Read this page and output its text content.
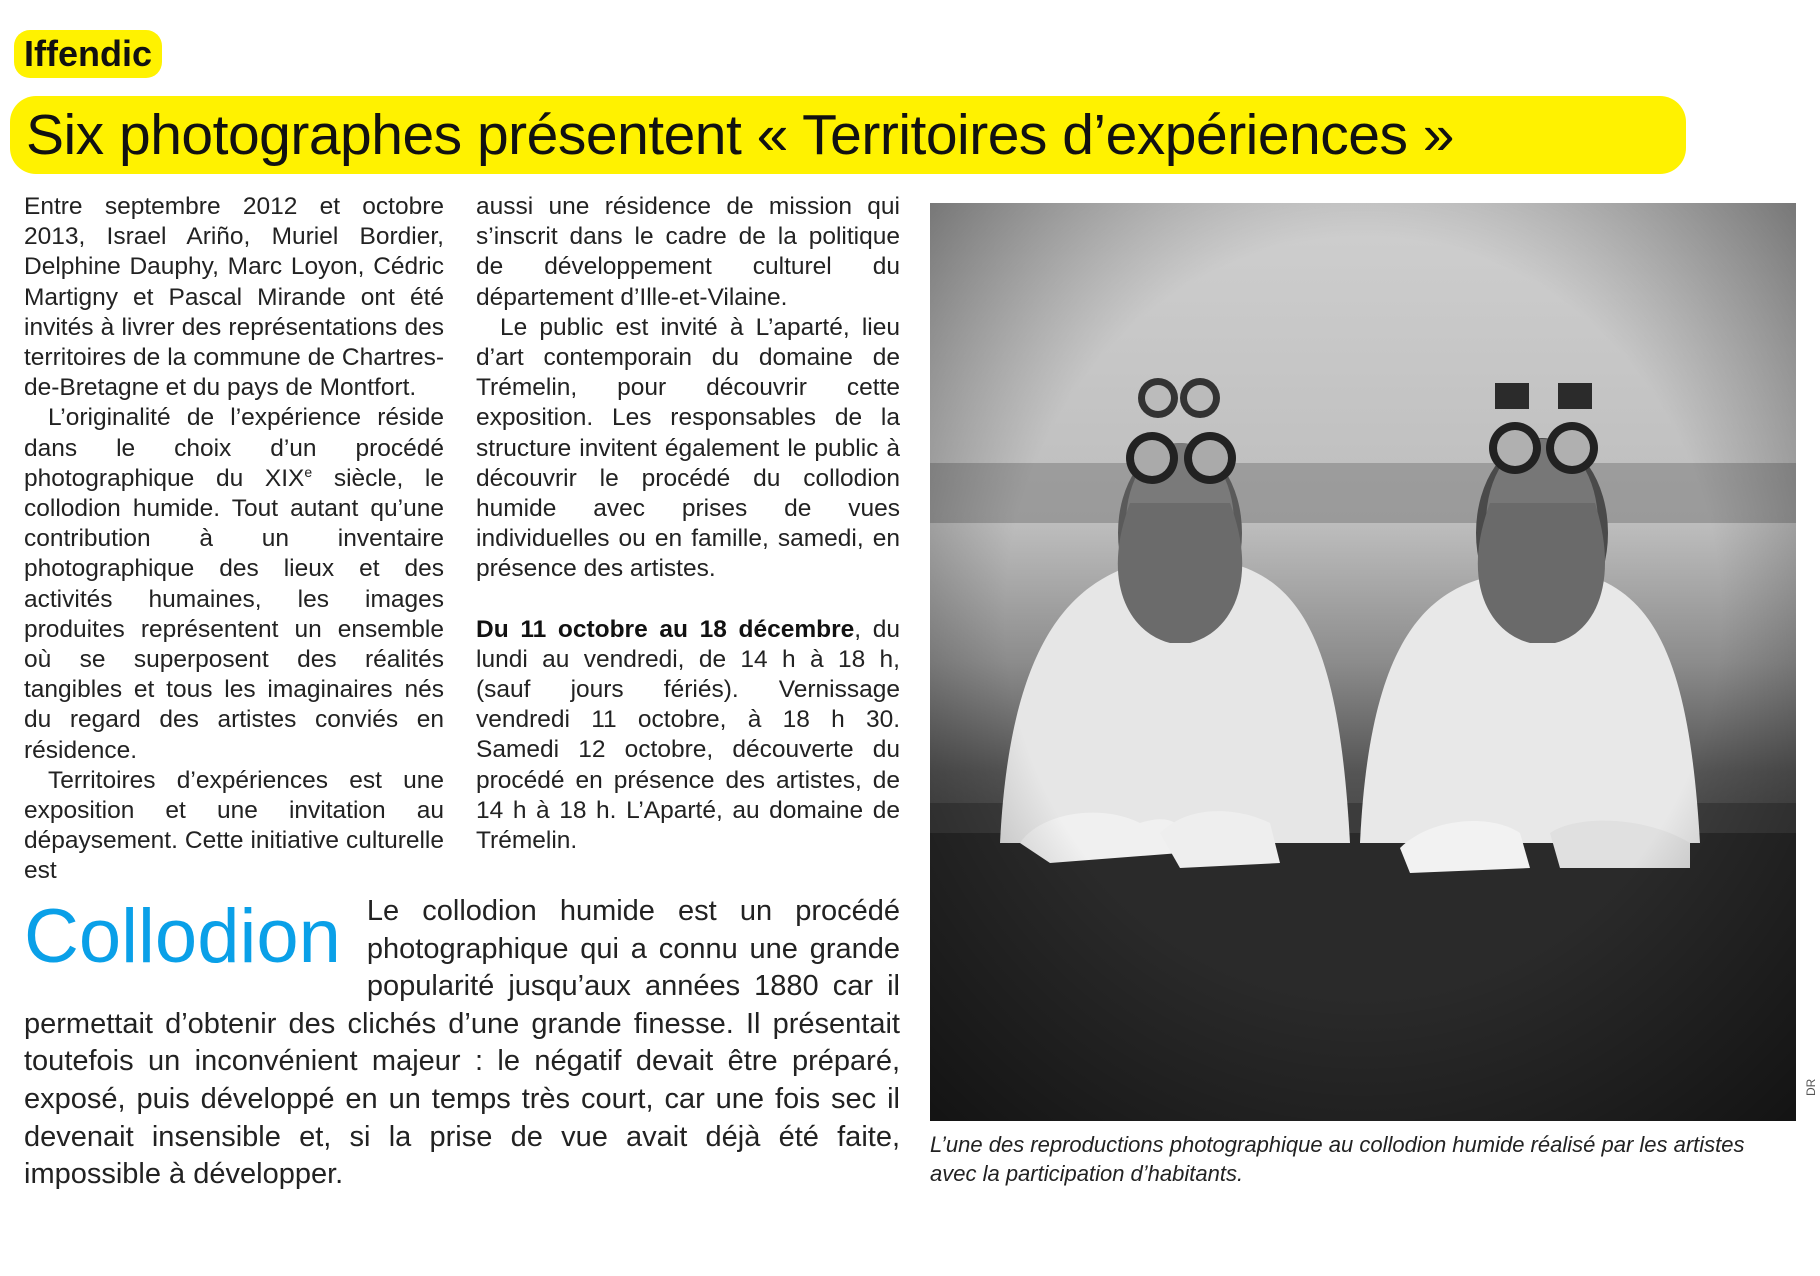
Iffendic
Six photographes présentent « Territoires d’expériences »

Entre septembre 2012 et octobre 2013, Israel Ariño, Muriel Bordier, Delphine Dauphy, Marc Loyon, Cédric Martigny et Pascal Mirande ont été invités à livrer des représentations des territoires de la commune de Chartres-de-Bretagne et du pays de Montfort.

L’originalité de l’expérience réside dans le choix d’un procédé photographique du XIXe siècle, le collodion humide. Tout autant qu’une contribution à un inventaire photographique des lieux et des activités humaines, les images produites représentent un ensemble où se superposent des réalités tangibles et tous les imaginaires nés du regard des artistes conviés en résidence.

Territoires d’expériences est une exposition et une invitation au dépaysement. Cette initiative culturelle est

aussi une résidence de mission qui s’inscrit dans le cadre de la politique de développement culturel du département d’Ille-et-Vilaine.

Le public est invité à L’aparté, lieu d’art contemporain du domaine de Trémelin, pour découvrir cette exposition. Les responsables de la structure invitent également le public à découvrir le procédé du collodion humide avec prises de vues individuelles ou en famille, samedi, en présence des artistes.

Du 11 octobre au 18 décembre, du lundi au vendredi, de 14 h à 18 h, (sauf jours fériés). Vernissage vendredi 11 octobre, à 18 h 30. Samedi 12 octobre, découverte du procédé en présence des artistes, de 14 h à 18 h. L’Aparté, au domaine de Trémelin.

Collodion Le collodion humide est un procédé photographique qui a connu une grande popularité jusqu’aux années 1880 car il permettait d’obtenir des clichés d’une grande finesse. Il présentait toutefois un inconvénient majeur : le négatif devait être préparé, exposé, puis développé en un temps très court, car une fois sec il devenait insensible et, si la prise de vue avait déjà été faite, impossible à développer.

DR

L’une des reproductions photographique au collodion humide réalisé par les artistes avec la participation d’habitants.
